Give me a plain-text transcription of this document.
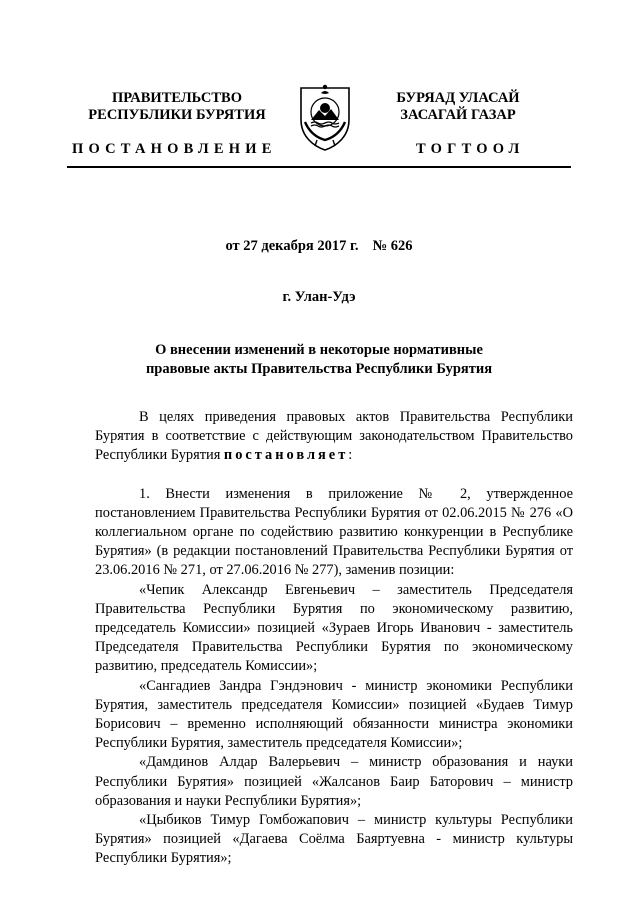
ПРАВИТЕЛЬСТВО
РЕСПУБЛИКИ БУРЯТИЯ
БУРЯАД УЛАСАЙ
ЗАСАГАЙ ГАЗАР
ПОСТАНОВЛЕНИЕ	ТОГТООЛ
от 27 декабря 2017 г. № 626
г. Улан-Удэ
О внесении изменений в некоторые нормативные
правовые акты Правительства Республики Бурятия

В целях приведения правовых актов Правительства Республики Бурятия в соответствие с действующим законодательством Правительство Республики Бурятия постановляет:

1. Внести изменения в приложение № 2, утвержденное постановлением Правительства Республики Бурятия от 02.06.2015 № 276 «О коллегиальном органе по содействию развитию конкуренции в Республике Бурятия» (в редакции постановлений Правительства Республики Бурятия от 23.06.2016 № 271, от 27.06.2016 № 277), заменив позиции:

«Чепик Александр Евгеньевич – заместитель Председателя Правительства Республики Бурятия по экономическому развитию, председатель Комиссии» позицией «Зураев Игорь Иванович - заместитель Председателя Правительства Республики Бурятия по экономическому развитию, председатель Комиссии»;

«Сангадиев Зандра Гэндэнович - министр экономики Республики Бурятия, заместитель председателя Комиссии» позицией «Будаев Тимур Борисович – временно исполняющий обязанности министра экономики Республики Бурятия, заместитель председателя Комиссии»;

«Дамдинов Алдар Валерьевич – министр образования и науки Республики Бурятия» позицией «Жалсанов Баир Баторович – министр образования и науки Республики Бурятия»;

«Цыбиков Тимур Гомбожапович – министр культуры Республики Бурятия» позицией «Дагаева Соёлма Баяртуевна - министр культуры Республики Бурятия»;
